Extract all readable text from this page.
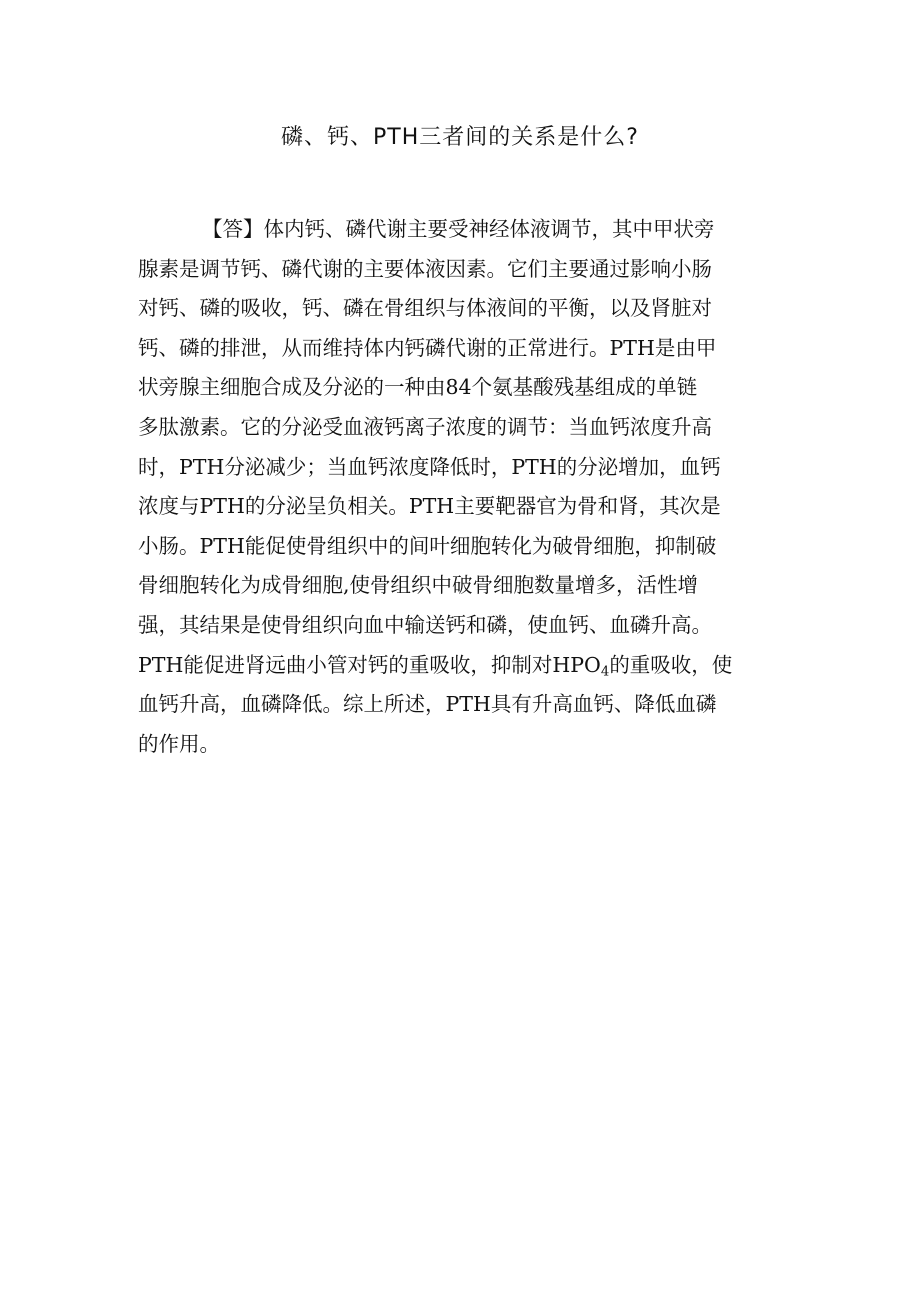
磷、钙、PTH三者间的关系是什么?
【答】体内钙、磷代谢主要受神经体液调节，其中甲状旁
腺素是调节钙、磷代谢的主要体液因素。它们主要通过影响小肠
对钙、磷的吸收，钙、磷在骨组织与体液间的平衡，以及肾脏对
钙、磷的排泄，从而维持体内钙磷代谢的正常进行。PTH是由甲
状旁腺主细胞合成及分泌的一种由84个氨基酸残基组成的单链
多肽激素。它的分泌受血液钙离子浓度的调节：当血钙浓度升高
时，PTH分泌减少；当血钙浓度降低时，PTH的分泌增加，血钙
浓度与PTH的分泌呈负相关。PTH主要靶器官为骨和肾，其次是
小肠。PTH能促使骨组织中的间叶细胞转化为破骨细胞，抑制破
骨细胞转化为成骨细胞,使骨组织中破骨细胞数量增多，活性增
强，其结果是使骨组织向血中输送钙和磷，使血钙、血磷升高。
PTH能促进肾远曲小管对钙的重吸收，抑制对$HPO_4$的重吸收，使
血钙升高，血磷降低。综上所述，PTH具有升高血钙、降低血磷
的作用。
